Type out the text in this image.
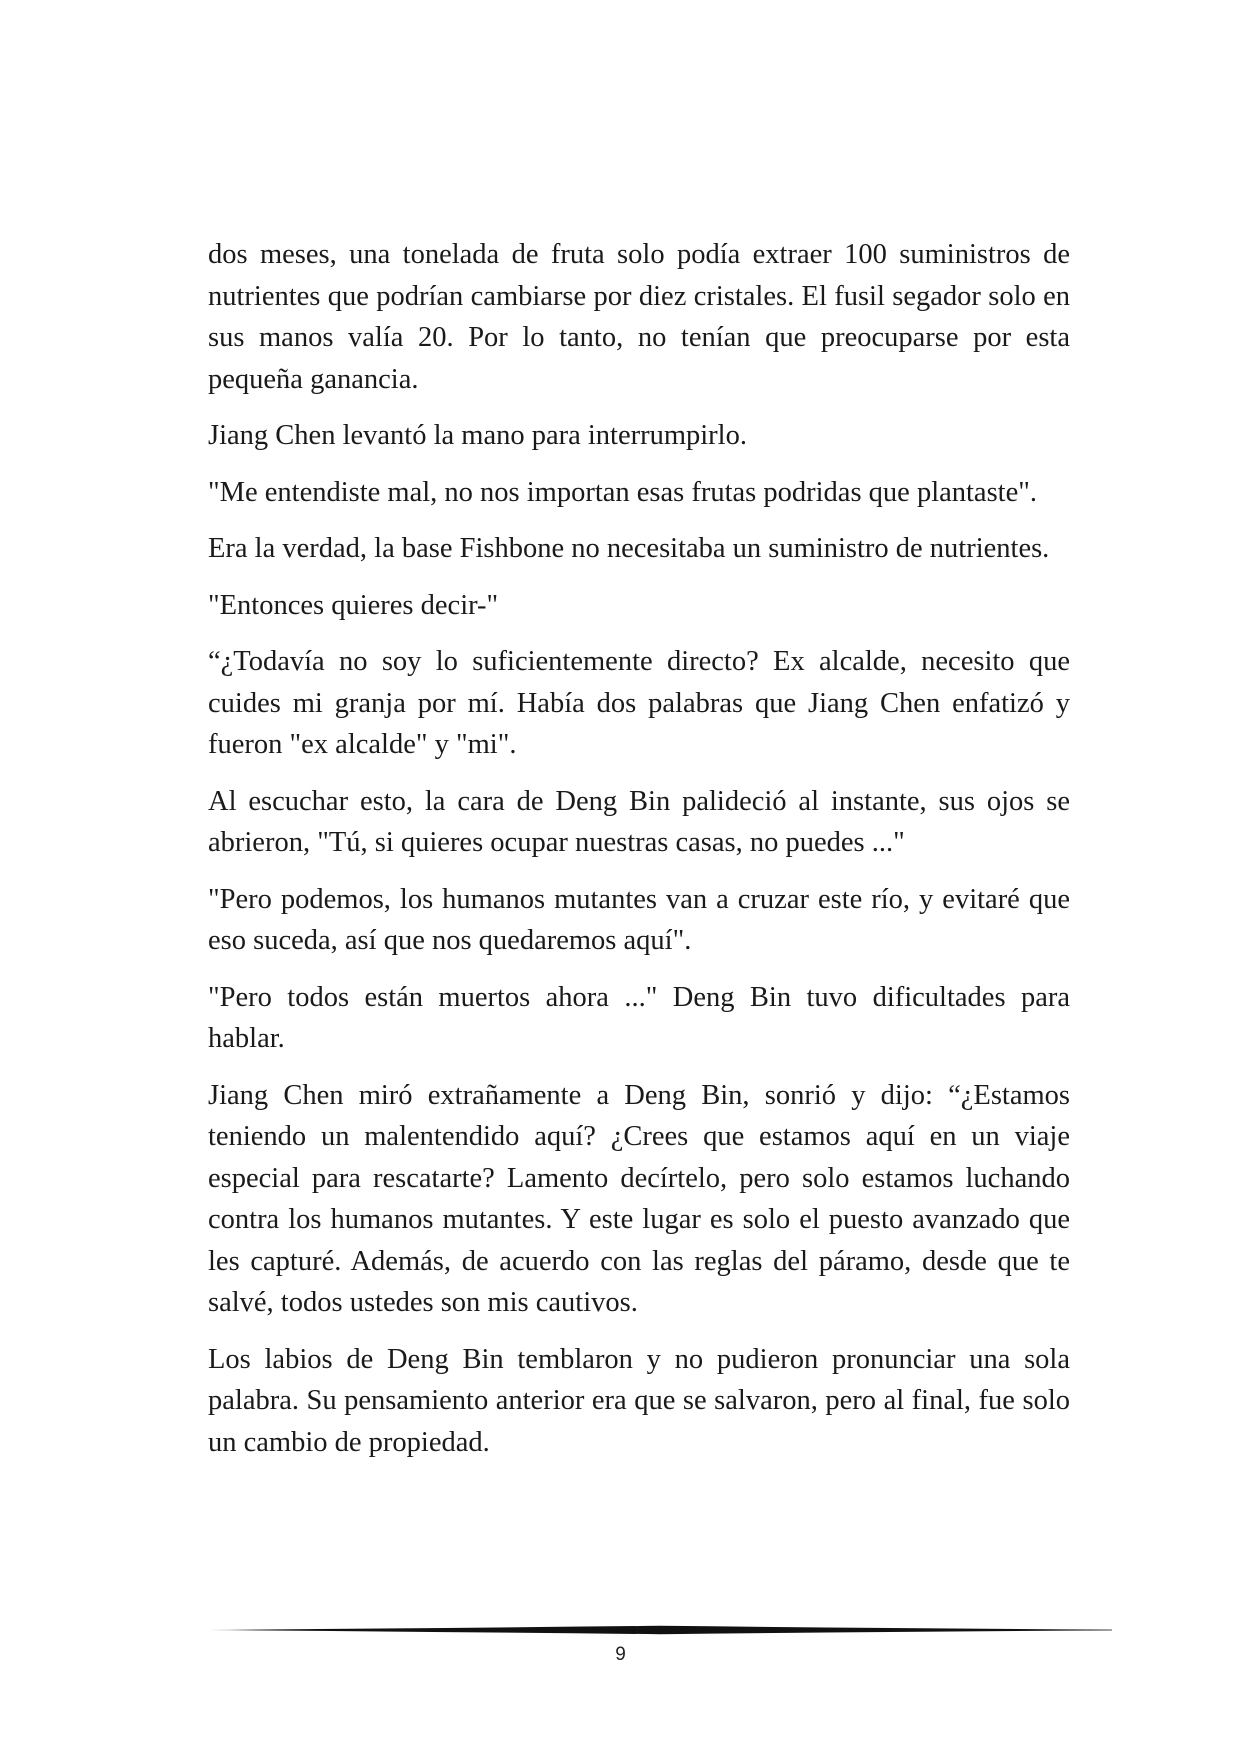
dos meses, una tonelada de fruta solo podía extraer 100 suministros de nutrientes que podrían cambiarse por diez cristales. El fusil segador solo en sus manos valía 20. Por lo tanto, no tenían que preocuparse por esta pequeña ganancia.

Jiang Chen levantó la mano para interrumpirlo.

"Me entendiste mal, no nos importan esas frutas podridas que plantaste".

Era la verdad, la base Fishbone no necesitaba un suministro de nutrientes.

"Entonces quieres decir-"

“¿Todavía no soy lo suficientemente directo? Ex alcalde, necesito que cuides mi granja por mí. Había dos palabras que Jiang Chen enfatizó y fueron "ex alcalde" y "mi".

Al escuchar esto, la cara de Deng Bin palideció al instante, sus ojos se abrieron, "Tú, si quieres ocupar nuestras casas, no puedes ..."

"Pero podemos, los humanos mutantes van a cruzar este río, y evitaré que eso suceda, así que nos quedaremos aquí".

"Pero todos están muertos ahora ..." Deng Bin tuvo dificultades para hablar.

Jiang Chen miró extrañamente a Deng Bin, sonrió y dijo: “¿Estamos teniendo un malentendido aquí? ¿Crees que estamos aquí en un viaje especial para rescatarte? Lamento decírtelo, pero solo estamos luchando contra los humanos mutantes. Y este lugar es solo el puesto avanzado que les capturé. Además, de acuerdo con las reglas del páramo, desde que te salvé, todos ustedes son mis cautivos.

Los labios de Deng Bin temblaron y no pudieron pronunciar una sola palabra. Su pensamiento anterior era que se salvaron, pero al final, fue solo un cambio de propiedad.

9
